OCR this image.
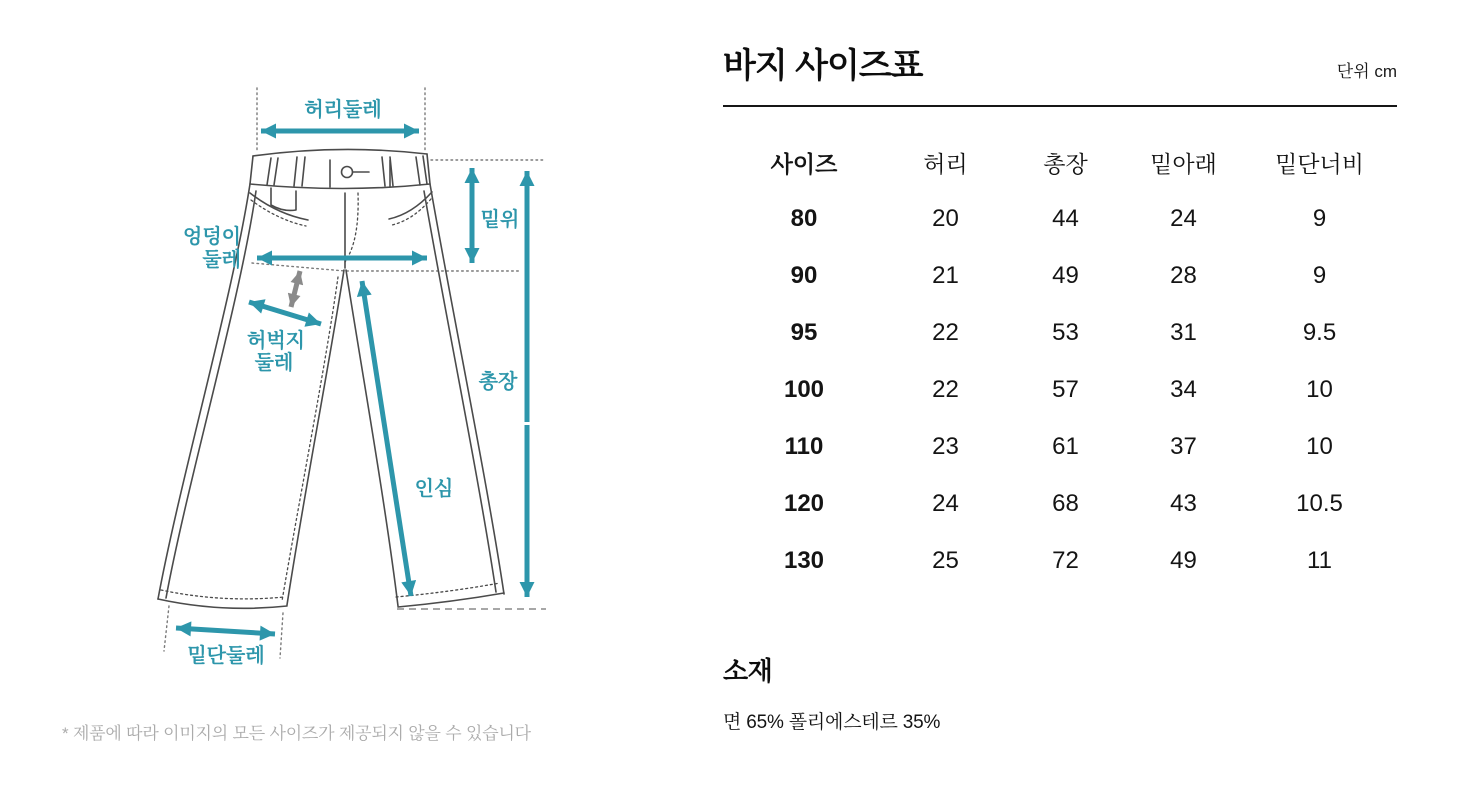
허리둘레
엉덩이
둘레
허벅지
둘레
밑위
총장
인심
밑단둘레
* 제품에 따라 이미지의 모든 사이즈가 제공되지 않을 수 있습니다
바지 사이즈표	단위 cm
사이즈	허리	총장	밑아래	밑단너비
80	20	44	24	9
90	21	49	28	9
95	22	53	31	9.5
100	22	57	34	10
110	23	61	37	10
120	24	68	43	10.5
130	25	72	49	11
소재
면 65% 폴리에스테르 35%
